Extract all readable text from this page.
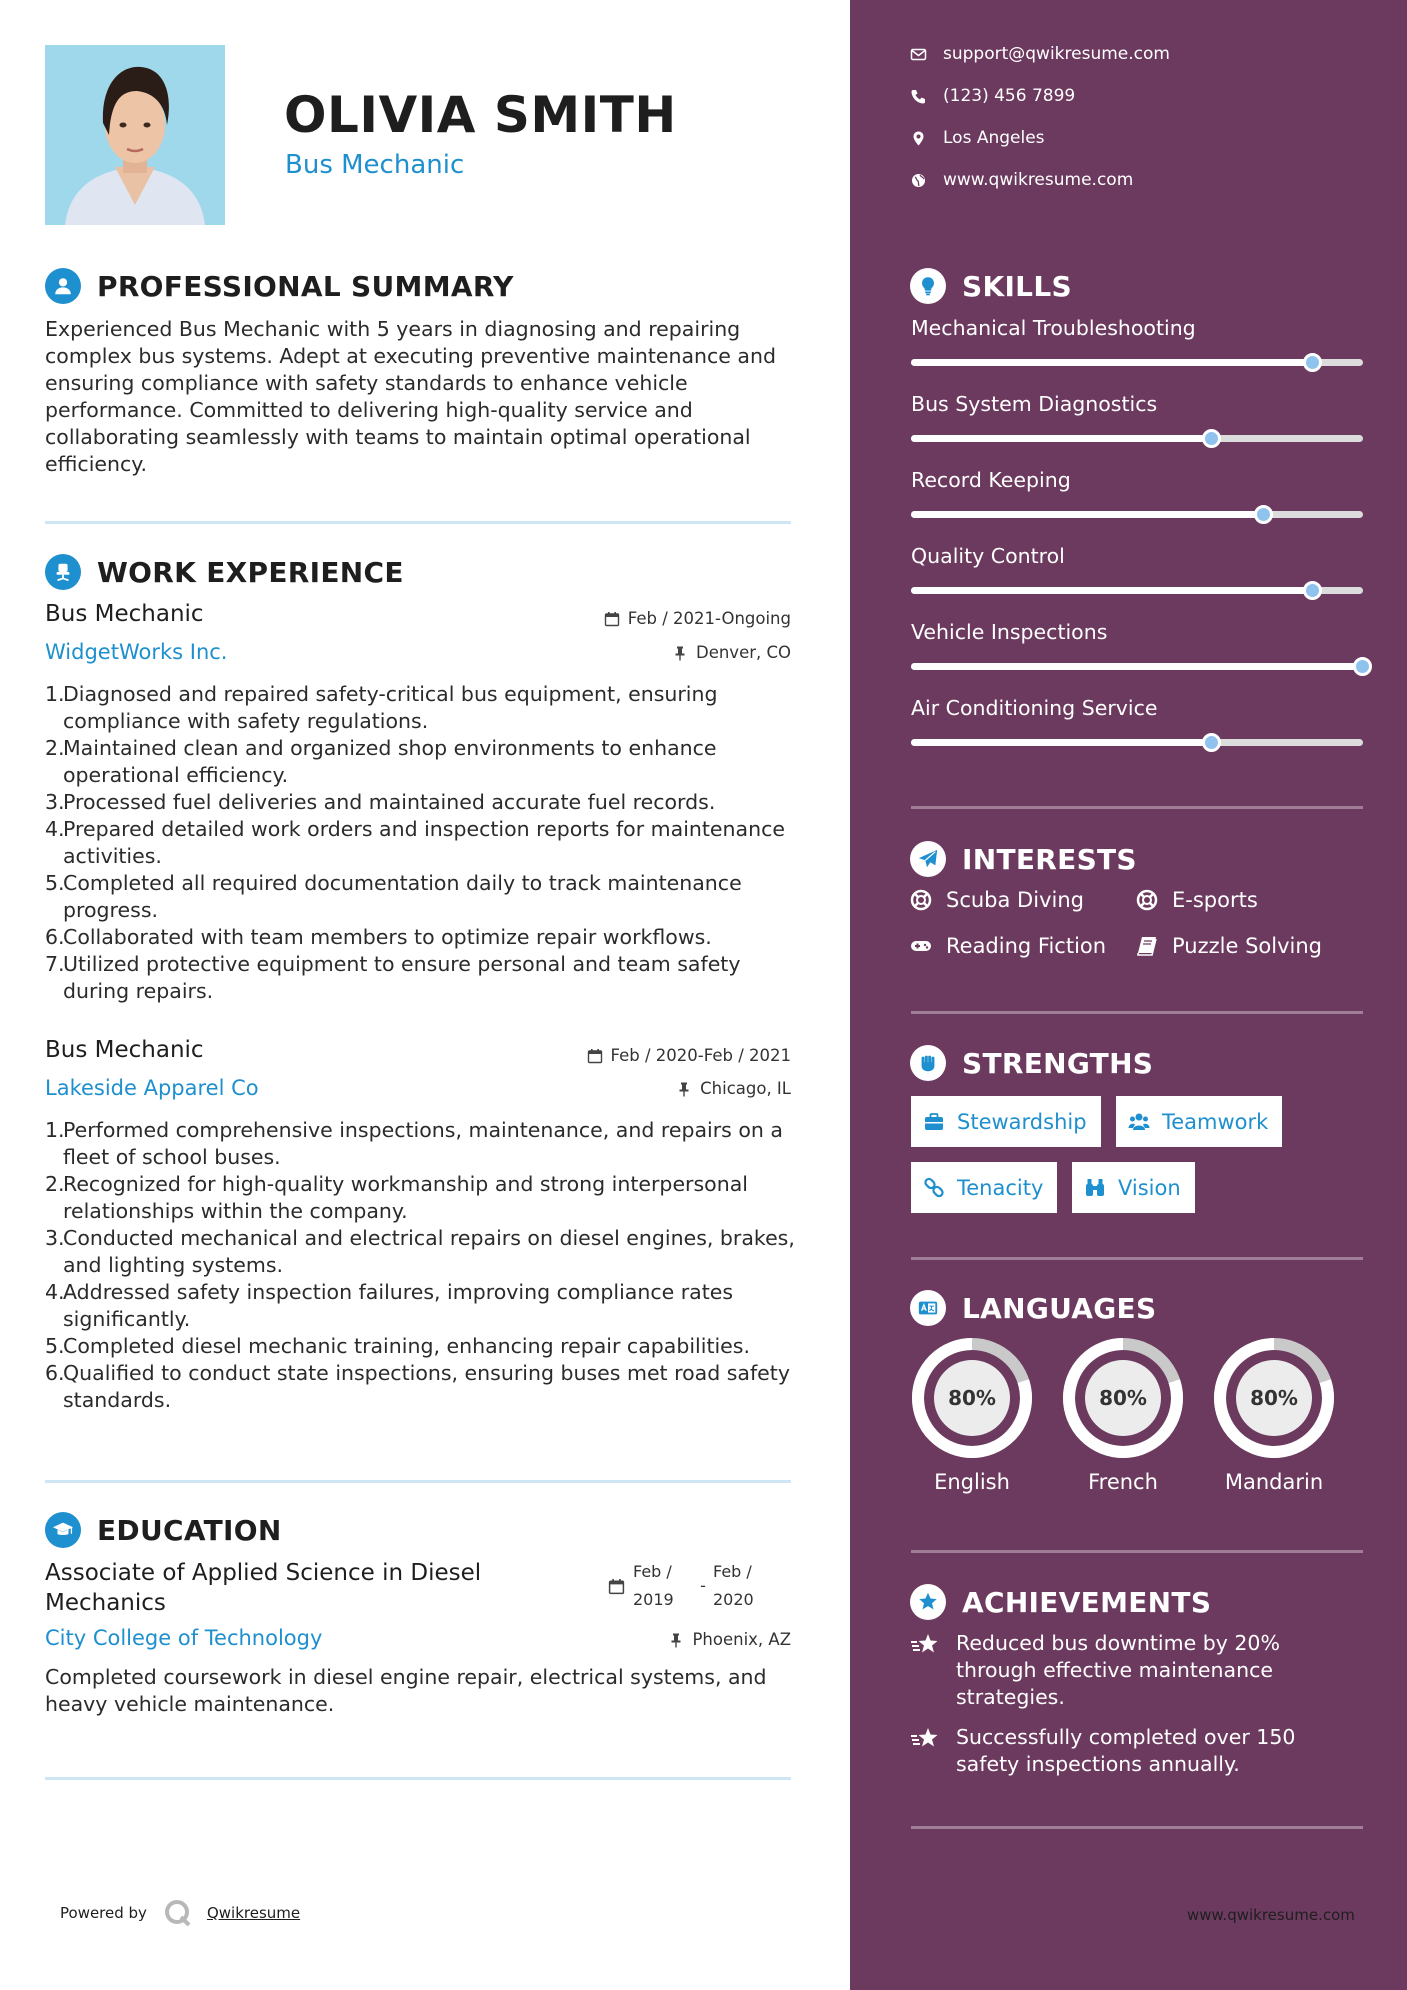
OLIVIA SMITH
Bus Mechanic
PROFESSIONAL SUMMARY
Experienced Bus Mechanic with 5 years in diagnosing and repairing complex bus systems. Adept at executing preventive maintenance and ensuring compliance with safety standards to enhance vehicle performance. Committed to delivering high-quality service and collaborating seamlessly with teams to maintain optimal operational efficiency.
WORK EXPERIENCE
Bus Mechanic	Feb / 2021-Ongoing
WidgetWorks Inc.	Denver, CO
1.
Diagnosed and repaired safety-critical bus equipment, ensuring compliance with safety regulations.
2.
Maintained clean and organized shop environments to enhance operational efficiency.
3.
Processed fuel deliveries and maintained accurate fuel records.
4.
Prepared detailed work orders and inspection reports for maintenance activities.
5.
Completed all required documentation daily to track maintenance progress.
6.
Collaborated with team members to optimize repair workflows.
7.
Utilized protective equipment to ensure personal and team safety during repairs.
Bus Mechanic	Feb / 2020-Feb / 2021
Lakeside Apparel Co	Chicago, IL
1.
Performed comprehensive inspections, maintenance, and repairs on a fleet of school buses.
2.
Recognized for high-quality workmanship and strong interpersonal relationships within the company.
3.
Conducted mechanical and electrical repairs on diesel engines, brakes, and lighting systems.
4.
Addressed safety inspection failures, improving compliance rates significantly.
5.
Completed diesel mechanic training, enhancing repair capabilities.
6.
Qualified to conduct state inspections, ensuring buses met road safety standards.
EDUCATION
Associate of Applied Science in Diesel Mechanics
Feb /
2019
-
Feb /
2020
City College of Technology	Phoenix, AZ
Completed coursework in diesel engine repair, electrical systems, and heavy vehicle maintenance.
Powered by	Qwikresume
support@qwikresume.com
(123) 456 7899
Los Angeles
www.qwikresume.com
SKILLS
Mechanical Troubleshooting
Bus System Diagnostics
Record Keeping
Quality Control
Vehicle Inspections
Air Conditioning Service
INTERESTS
Scuba Diving	E-sports
Reading Fiction	Puzzle Solving
STRENGTHS
Stewardship	Teamwork
Tenacity	Vision
LANGUAGES
80%
English
80%
French
80%
Mandarin
ACHIEVEMENTS
Reduced bus downtime by 20% through effective maintenance strategies.
Successfully completed over 150 safety inspections annually.
www.qwikresume.com
